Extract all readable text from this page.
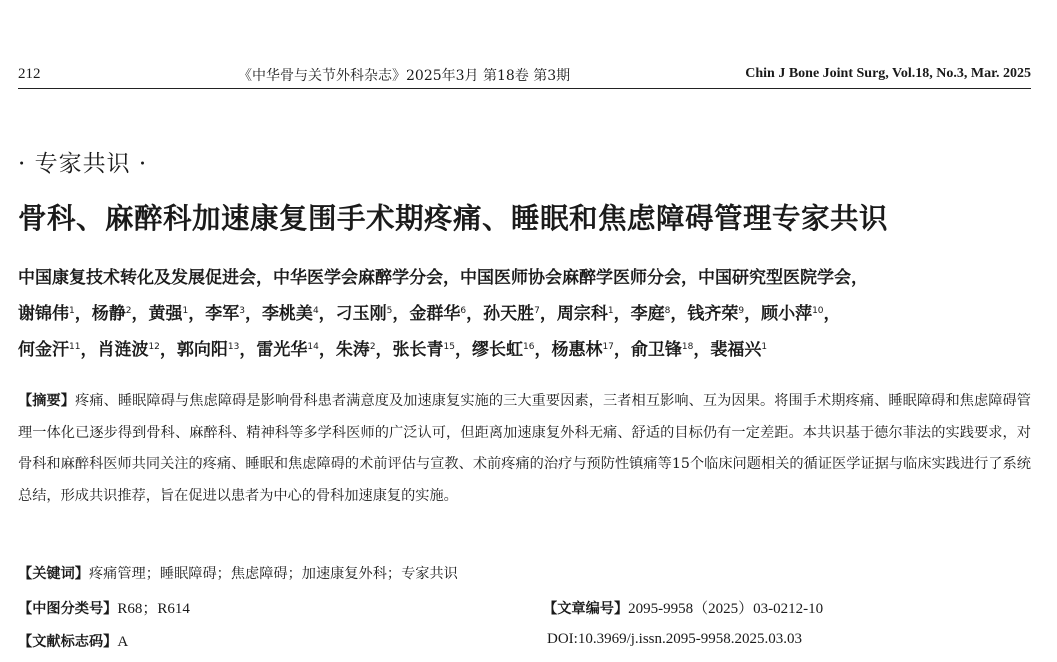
212	《中华骨与关节外科杂志》2025年3月 第18卷 第3期	Chin J Bone Joint Surg, Vol.18, No.3, Mar. 2025
· 专家共识 ·
骨科、麻醉科加速康复围手术期疼痛、睡眠和焦虑障碍管理专家共识
中国康复技术转化及发展促进会，中华医学会麻醉学分会，中国医师协会麻醉学医师分会，中国研究型医院学会，
谢锦伟$^1$，杨静$^2$，黄强$^1$，李军$^3$，李桃美$^4$，刁玉刚$^5$，金群华$^6$，孙天胜$^7$，周宗科$^1$，李庭$^8$，钱齐荣$^9$，顾小萍$^{10}$，
何金汗$^{11}$，肖涟波$^{12}$，郭向阳$^{13}$，雷光华$^{14}$，朱涛$^2$，张长青$^{15}$，缪长虹$^{16}$，杨惠林$^{17}$，俞卫锋$^{18}$，裴福兴$^1$
【摘要】疼痛、睡眠障碍与焦虑障碍是影响骨科患者满意度及加速康复实施的三大重要因素，三者相互影响、互为因果。将围手术期疼痛、睡眠障碍和焦虑障碍管理一体化已逐步得到骨科、麻醉科、精神科等多学科医师的广泛认可，但距离加速康复外科无痛、舒适的目标仍有一定差距。本共识基于德尔菲法的实践要求，对骨科和麻醉科医师共同关注的疼痛、睡眠和焦虑障碍的术前评估与宣教、术前疼痛的治疗与预防性镇痛等15个临床问题相关的循证医学证据与临床实践进行了系统总结，形成共识推荐，旨在促进以患者为中心的骨科加速康复的实施。
【关键词】疼痛管理；睡眠障碍；焦虑障碍；加速康复外科；专家共识
【中图分类号】R68；R614	【文章编号】2095-9958（2025）03-0212-10
【文献标志码】A	DOI:10.3969/j.issn.2095-9958.2025.03.03
